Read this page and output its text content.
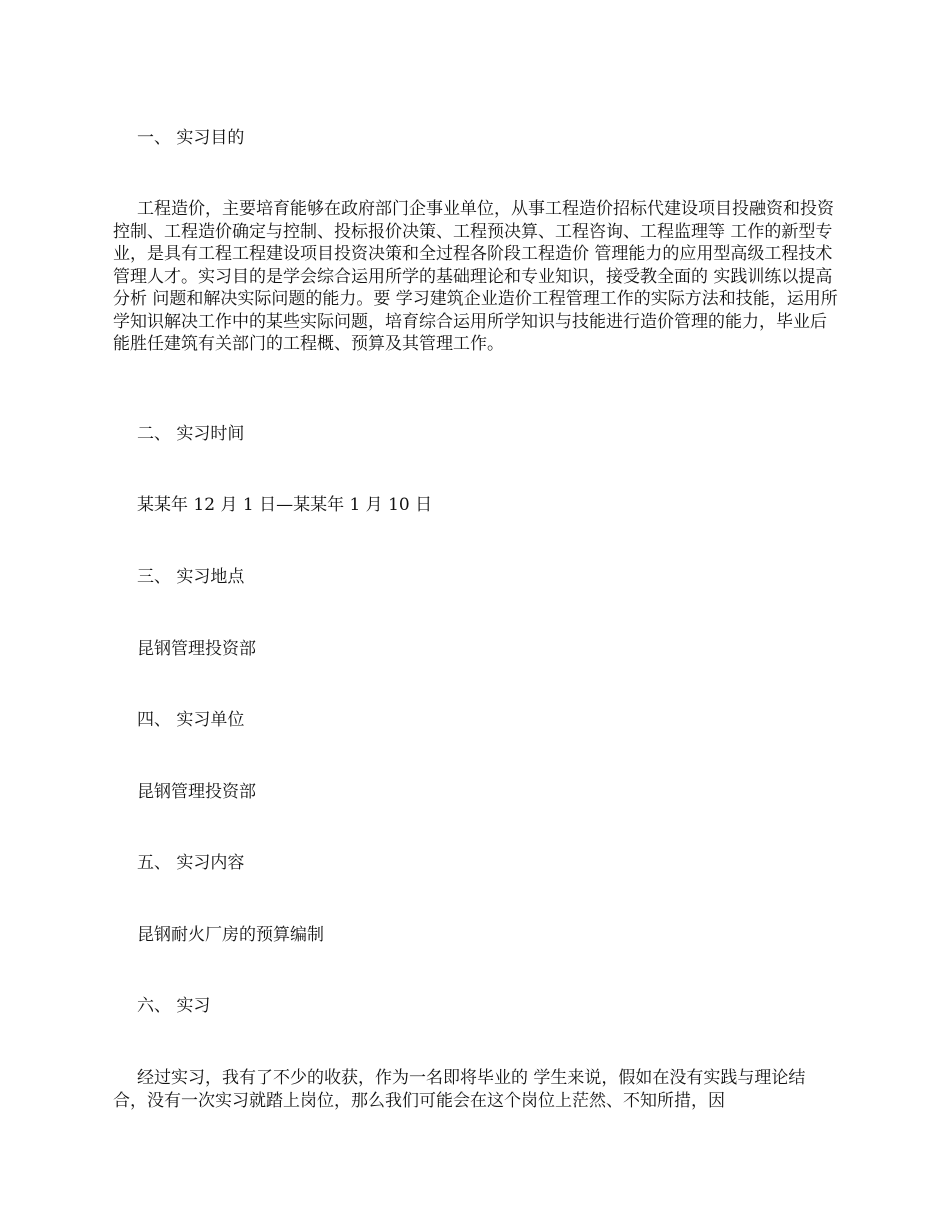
一、 实习目的
工程造价，主要培育能够在政府部门企事业单位，从事工程造价招标代建设项目投融资和投资控制、工程造价确定与控制、投标报价决策、工程预决算、工程咨询、工程监理等 工作的新型专业，是具有工程工程建设项目投资决策和全过程各阶段工程造价 管理能力的应用型高级工程技术管理人才。实习目的是学会综合运用所学的基础理论和专业知识，接受教全面的 实践训练以提高 分析 问题和解决实际问题的能力。要 学习建筑企业造价工程管理工作的实际方法和技能，运用所学知识解决工作中的某些实际问题，培育综合运用所学知识与技能进行造价管理的能力，毕业后能胜任建筑有关部门的工程概、预算及其管理工作。
二、 实习时间
某某年 12 月 1 日—某某年 1 月 10 日
三、 实习地点
昆钢管理投资部
四、 实习单位
昆钢管理投资部
五、 实习内容
昆钢耐火厂房的预算编制
六、 实习
经过实习，我有了不少的收获，作为一名即将毕业的 学生来说，假如在没有实践与理论结合，没有一次实习就踏上岗位，那么我们可能会在这个岗位上茫然、不知所措，因
